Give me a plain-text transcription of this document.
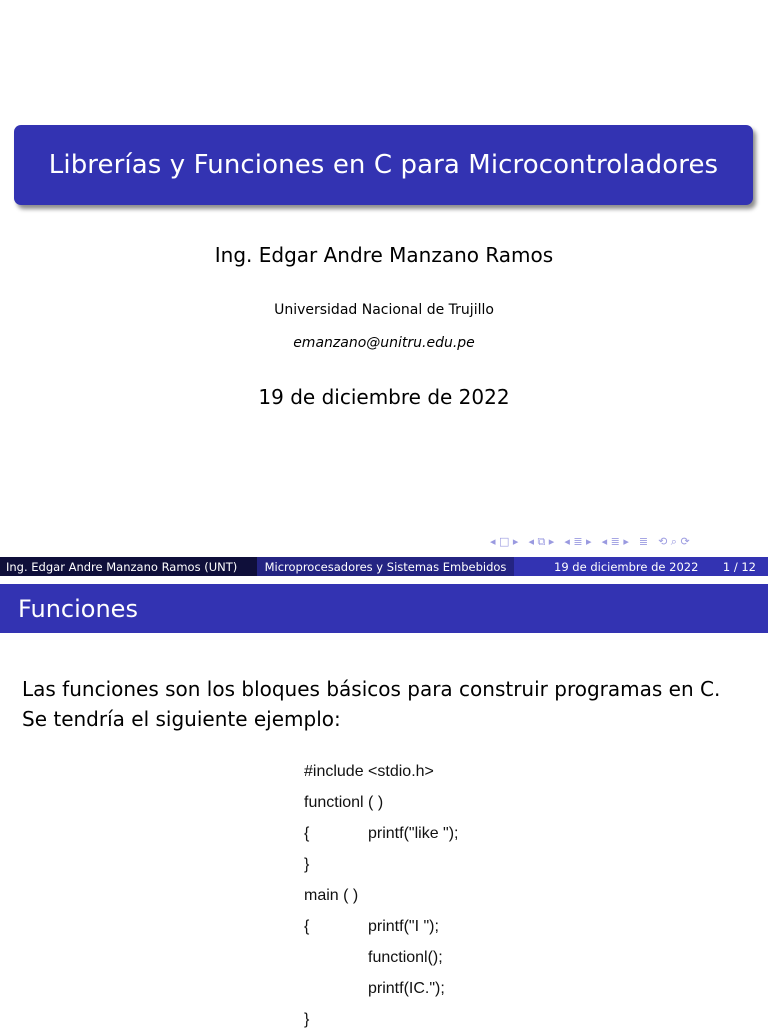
Librerías y Funciones en C para Microcontroladores
Ing. Edgar Andre Manzano Ramos
Universidad Nacional de Trujillo
emanzano@unitru.edu.pe
19 de diciembre de 2022
◂ □ ▸ ◂ ⧉ ▸ ◂ ≣ ▸ ◂ ≣ ▸ ≣ ⟲ ⌕ ⟳
Ing. Edgar Andre Manzano Ramos (UNT)	Microprocesadores y Sistemas Embebidos	19 de diciembre de 2022 1 / 12
Funciones
Las funciones son los bloques básicos para construir programas en C. Se tendría el siguiente ejemplo:
#include <stdio.h>
functionl ( )
{	printf("like ");
}
main ( )
{	printf("I ");
functionl();
printf(IC.");
}
